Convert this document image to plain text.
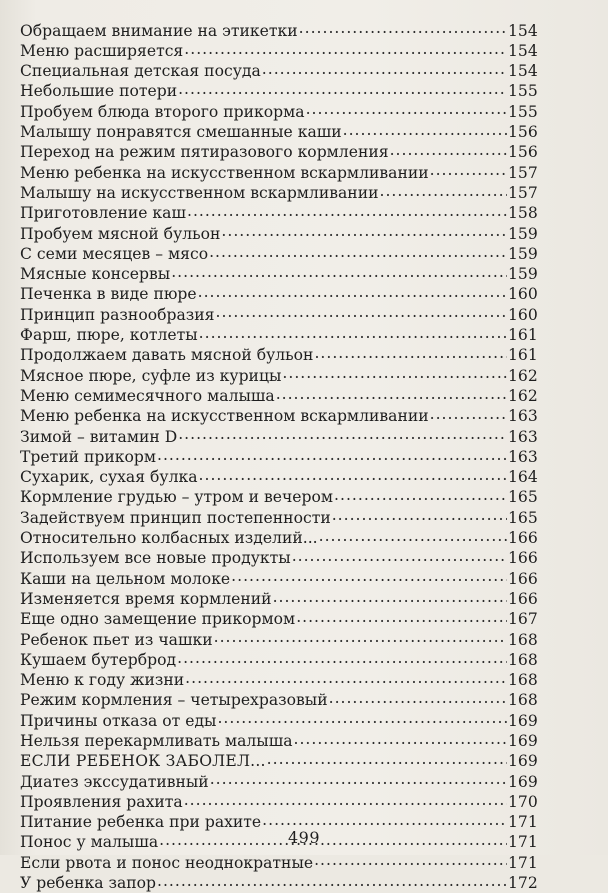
Обращаем внимание на этикетки .....	154
Меню расширяется .....	154
Специальная детская посуда .....	154
Небольшие потери .....	155
Пробуем блюда второго прикорма .....	155
Малышу понравятся смешанные каши .....	156
Переход на режим пятиразового кормления .....	156
Меню ребенка на искусственном вскармливании .....	157
Малышу на искусственном вскармливании .....	157
Приготовление каш .....	158
Пробуем мясной бульон .....	159
С семи месяцев – мясо .....	159
Мясные консервы .....	159
Печенка в виде пюре .....	160
Принцип разнообразия .....	160
Фарш, пюре, котлеты .....	161
Продолжаем давать мясной бульон .....	161
Мясное пюре, суфле из курицы .....	162
Меню семимесячного малыша .....	162
Меню ребенка на искусственном вскармливании .....	163
Зимой – витамин D .....	163
Третий прикорм .....	163
Сухарик, сухая булка .....	164
Кормление грудью – утром и вечером .....	165
Задействуем принцип постепенности .....	165
Относительно колбасных изделий... .....	166
Используем все новые продукты .....	166
Каши на цельном молоке .....	166
Изменяется время кормлений .....	166
Еще одно замещение прикормом .....	167
Ребенок пьет из чашки .....	168
Кушаем бутерброд .....	168
Меню к году жизни .....	168
Режим кормления – четырехразовый .....	168
Причины отказа от еды .....	169
Нельзя перекармливать малыша .....	169
ЕСЛИ РЕБЕНОК ЗАБОЛЕЛ... .....	169
Диатез экссудативный .....	169
Проявления рахита .....	170
Питание ребенка при рахите .....	171
Понос у малыша .....	171
Если рвота и понос неоднократные .....	171
У ребенка запор .....	172
499
